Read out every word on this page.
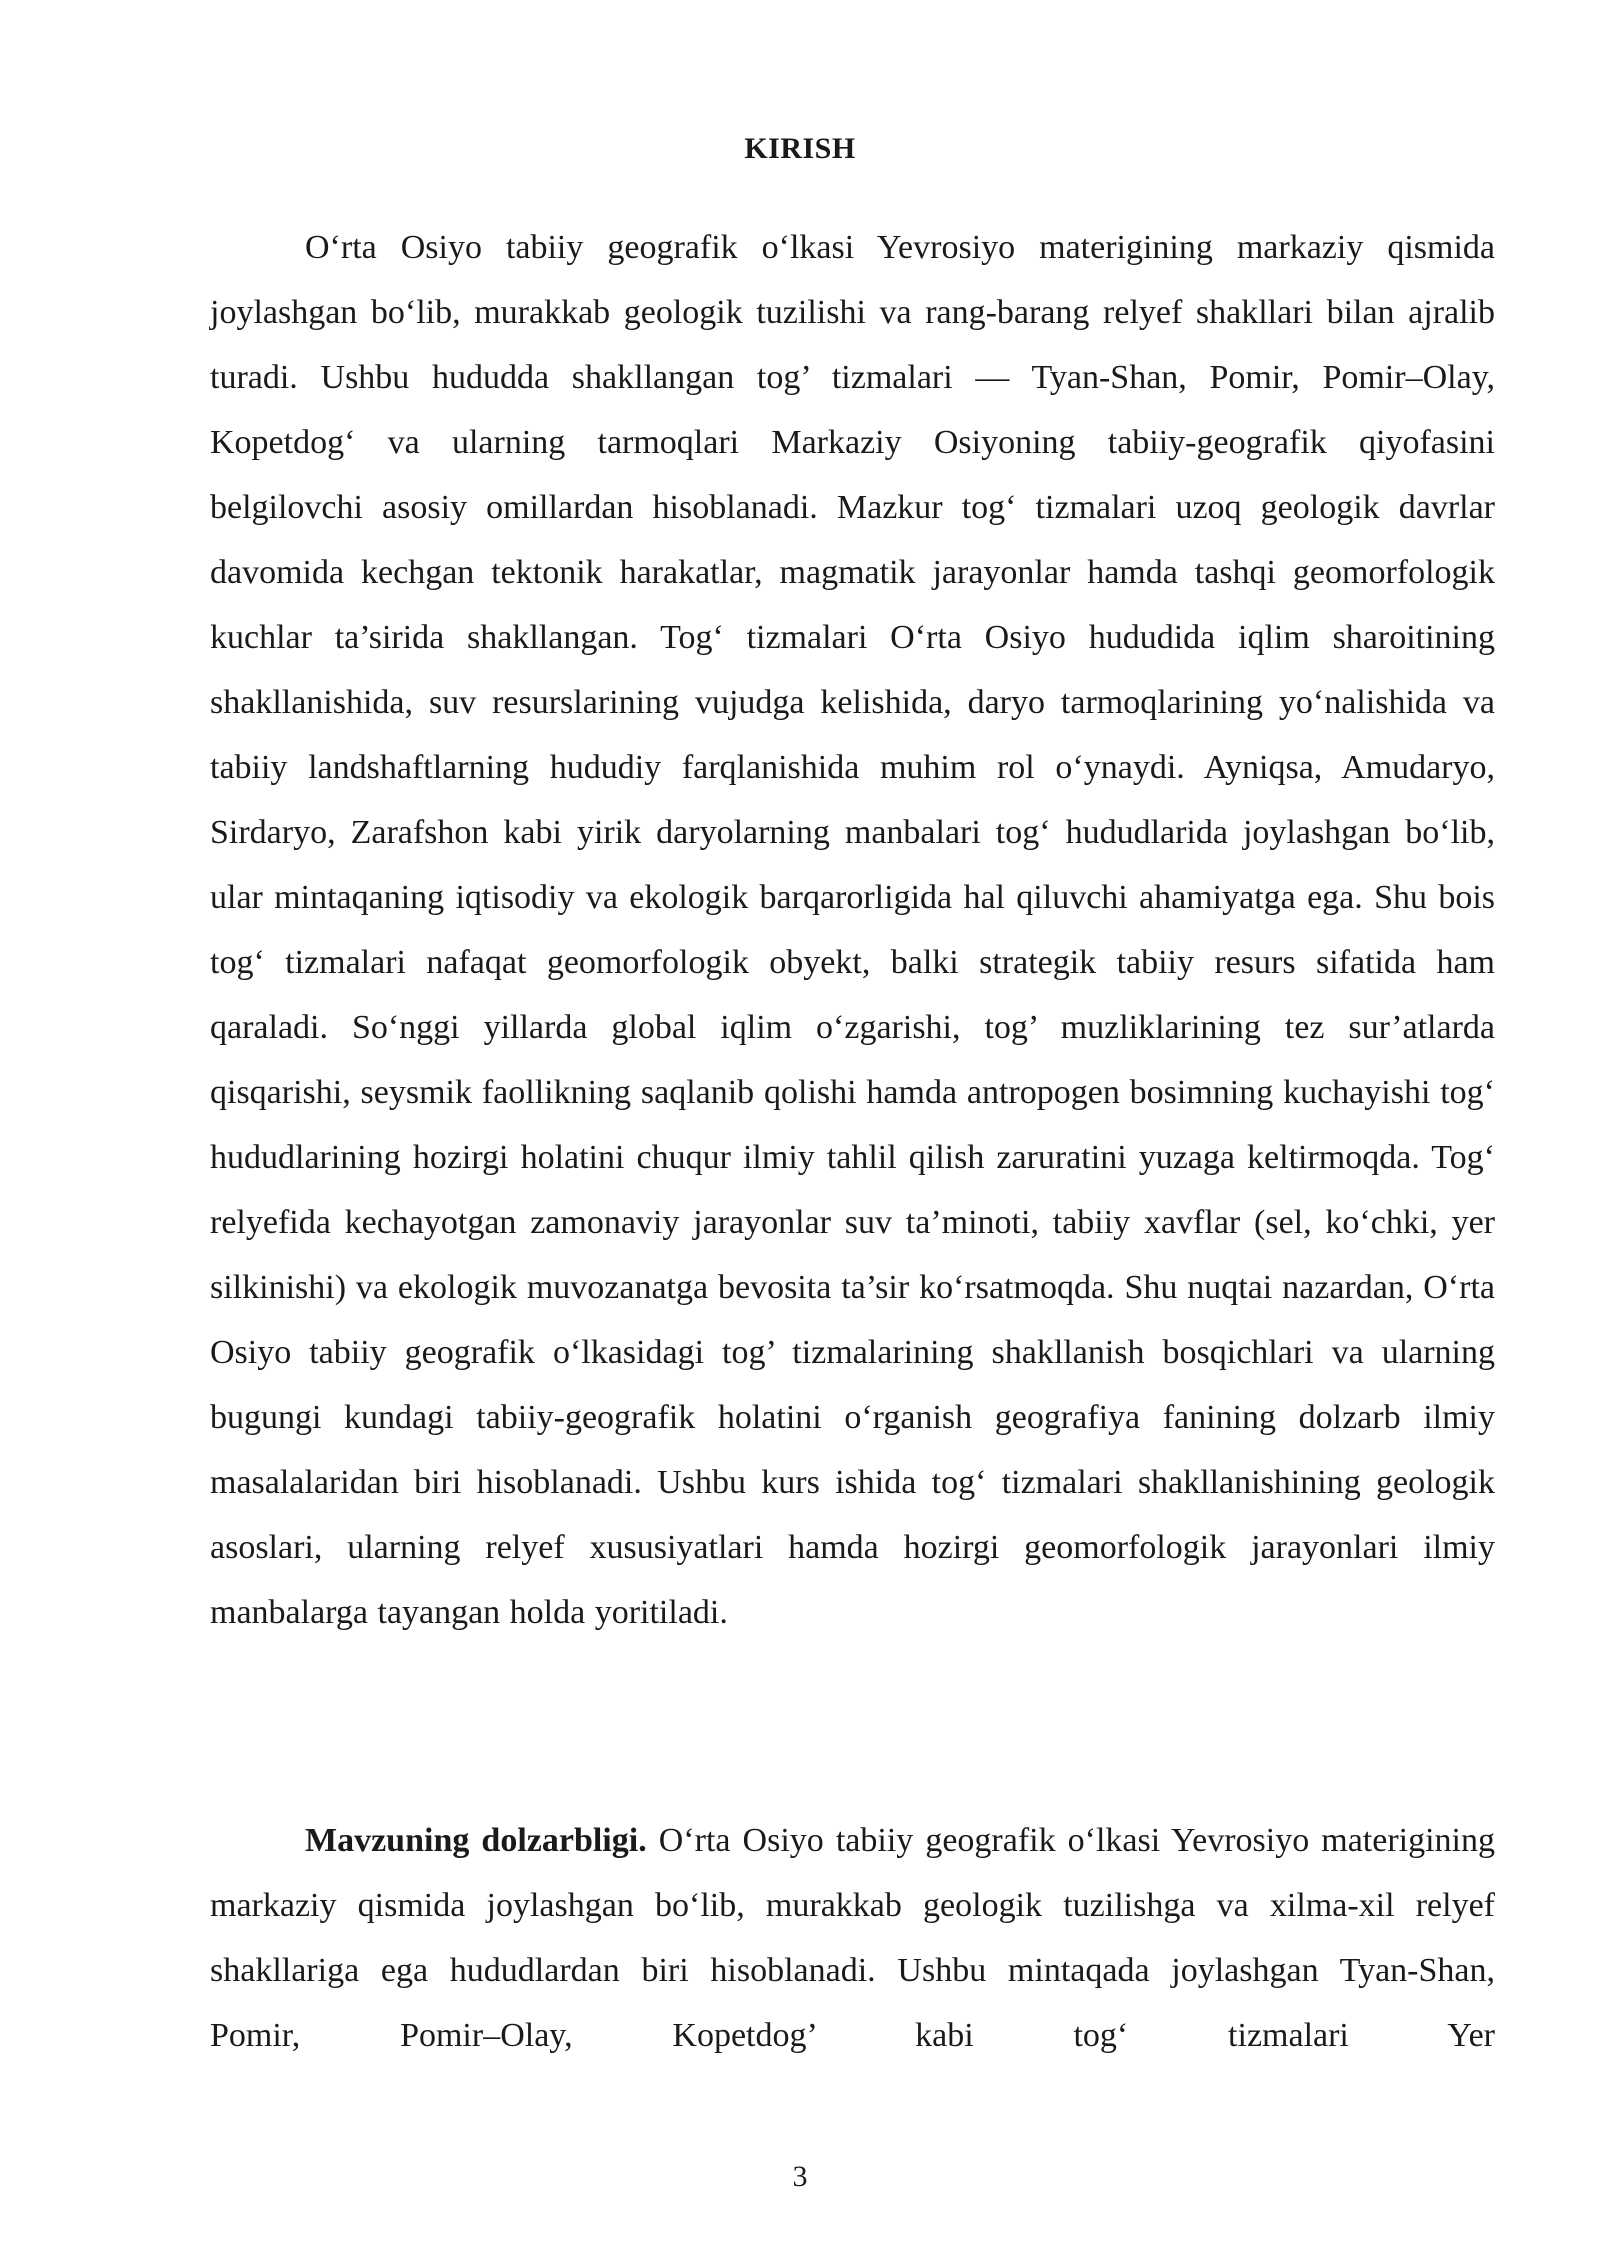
KIRISH

O‘rta Osiyo tabiiy geografik o‘lkasi Yevrosiyo materigining markaziy qismida joylashgan bo‘lib, murakkab geologik tuzilishi va rang-barang relyef shakllari bilan ajralib turadi. Ushbu hududda shakllangan tog’ tizmalari — Tyan-Shan, Pomir, Pomir–Olay, Kopetdog‘ va ularning tarmoqlari Markaziy Osiyoning tabiiy-geografik qiyofasini belgilovchi asosiy omillardan hisoblanadi. Mazkur tog‘ tizmalari uzoq geologik davrlar davomida kechgan tektonik harakatlar, magmatik jarayonlar hamda tashqi geomorfologik kuchlar ta’sirida shakllangan. Tog‘ tizmalari O‘rta Osiyo hududida iqlim sharoitining shakllanishida, suv resurslarining vujudga kelishida, daryo tarmoqlarining yo‘nalishida va tabiiy landshaftlarning hududiy farqlanishida muhim rol o‘ynaydi. Ayniqsa, Amudaryo, Sirdaryo, Zarafshon kabi yirik daryolarning manbalari tog‘ hududlarida joylashgan bo‘lib, ular mintaqaning iqtisodiy va ekologik barqarorligida hal qiluvchi ahamiyatga ega. Shu bois tog‘ tizmalari nafaqat geomorfologik obyekt, balki strategik tabiiy resurs sifatida ham qaraladi. So‘nggi yillarda global iqlim o‘zgarishi, tog’ muzliklarining tez sur’atlarda qisqarishi, seysmik faollikning saqlanib qolishi hamda antropogen bosimning kuchayishi tog‘ hududlarining hozirgi holatini chuqur ilmiy tahlil qilish zaruratini yuzaga keltirmoqda. Tog‘ relyefida kechayotgan zamonaviy jarayonlar suv ta’minoti, tabiiy xavflar (sel, ko‘chki, yer silkinishi) va ekologik muvozanatga bevosita ta’sir ko‘rsatmoqda. Shu nuqtai nazardan, O‘rta Osiyo tabiiy geografik o‘lkasidagi tog’ tizmalarining shakllanish bosqichlari va ularning bugungi kundagi tabiiy-geografik holatini o‘rganish geografiya fanining dolzarb ilmiy masalalaridan biri hisoblanadi. Ushbu kurs ishida tog‘ tizmalari shakllanishining geologik asoslari, ularning relyef xususiyatlari hamda hozirgi geomorfologik jarayonlari ilmiy manbalarga tayangan holda yoritiladi.

Mavzuning dolzarbligi. O‘rta Osiyo tabiiy geografik o‘lkasi Yevrosiyo materigining markaziy qismida joylashgan bo‘lib, murakkab geologik tuzilishga va xilma-xil relyef shakllariga ega hududlardan biri hisoblanadi. Ushbu mintaqada joylashgan Tyan-Shan, Pomir, Pomir–Olay, Kopetdog’ kabi tog‘ tizmalari Yer

3
